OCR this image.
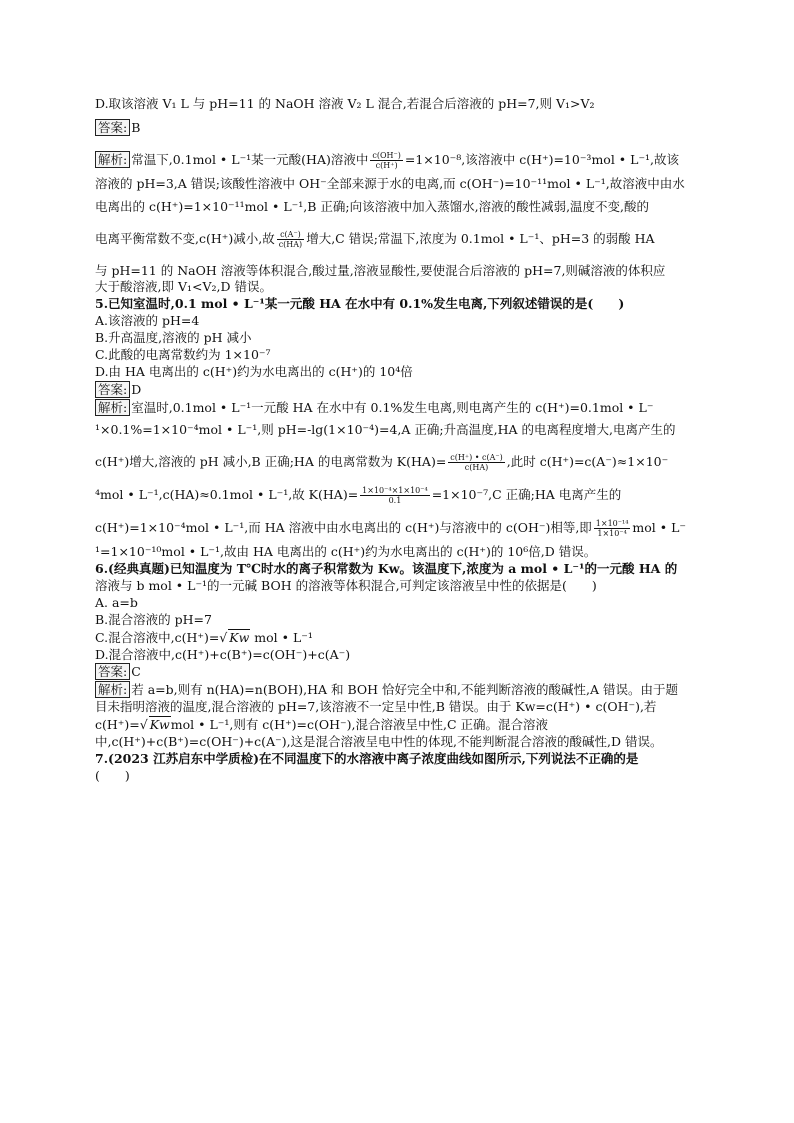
D.取该溶液 V₁ L 与 pH=11 的 NaOH 溶液 V₂ L 混合,若混合后溶液的 pH=7,则 V₁>V₂

答案: B

解析: 常温下,0.1mol • L⁻¹某一元酸(HA)溶液中 $\frac{c(OH^-)}{c(H^+)} =1\times 10^{-8}$,该溶液中 c(H⁺)=10⁻³mol • L⁻¹,故该

溶液的 pH=3,A 错误;该酸性溶液中 OH⁻全部来源于水的电离,而 c(OH⁻)=10⁻¹¹mol • L⁻¹,故溶液中由水

电离出的 c(H⁺)=1×10⁻¹¹mol • L⁻¹,B 正确;向该溶液中加入蒸馏水,溶液的酸性减弱,温度不变,酸的

电离平衡常数不变,c(H⁺)减小,故 $\frac{c(A^-)}{c(HA)}$ 增大,C 错误;常温下,浓度为 0.1mol • L⁻¹、pH=3 的弱酸 HA

与 pH=11 的 NaOH 溶液等体积混合,酸过量,溶液显酸性,要使混合后溶液的 pH=7,则碱溶液的体积应

大于酸溶液,即 V₁<V₂,D 错误。

5.已知室温时,0.1 mol • L⁻¹某一元酸 HA 在水中有 0.1%发生电离,下列叙述错误的是(　　)

A.该溶液的 pH=4

B.升高温度,溶液的 pH 减小

C.此酸的电离常数约为 1×10⁻⁷

D.由 HA 电离出的 c(H⁺)约为水电离出的 c(H⁺)的 10⁴倍

答案: D

解析: 室温时,0.1mol • L⁻¹一元酸 HA 在水中有 0.1%发生电离,则电离产生的 c(H⁺)=0.1mol • L⁻

¹×0.1%=1×10⁻⁴mol • L⁻¹,则 pH=-lg(1×10⁻⁴)=4,A 正确;升高温度,HA 的电离程度增大,电离产生的

c(H⁺)增大,溶液的 pH 减小,B 正确;HA 的电离常数为 $K(HA)= \frac{c(H^+) • c(A^-)}{c(HA)}$ ,此时 c(H⁺)=c(A⁻)≈1×10⁻

⁴mol • L⁻¹,c(HA)≈0.1mol • L⁻¹,故 $K(HA)= \frac{\text{1×10⁻⁴×1×10⁻⁴}}{0.1} =1\times 10^{-7},C$ 正确;HA 电离产生的

c(H⁺)=1×10⁻⁴mol • L⁻¹,而 HA 溶液中由水电离出的 c(H⁺)与溶液中的 c(OH⁻)相等,即 $\frac{\text{1×10⁻¹⁴}}{\text{1×10⁻⁴}}$ mol • L⁻

¹=1×10⁻¹⁰mol • L⁻¹,故由 HA 电离出的 c(H⁺)约为水电离出的 c(H⁺)的 10⁶倍,D 错误。

6.(经典真题)已知温度为 T℃时水的离子积常数为 Kw。该温度下,浓度为 a mol • L⁻¹的一元酸 HA 的

溶液与 b mol • L⁻¹的一元碱 BOH 的溶液等体积混合,可判定该溶液呈中性的依据是(　　)

A. a=b

B.混合溶液的 pH=7

C.混合溶液中,c(H⁺)=√ Kw mol • L⁻¹

D.混合溶液中,c(H⁺)+c(B⁺)=c(OH⁻)+c(A⁻)

答案: C

解析: 若 a=b,则有 n(HA)=n(BOH),HA 和 BOH 恰好完全中和,不能判断溶液的酸碱性,A 错误。由于题

目未指明溶液的温度,混合溶液的 pH=7,该溶液不一定呈中性,B 错误。由于 Kw=c(H⁺) • c(OH⁻),若

c(H⁺)=√ Kwmol • L⁻¹,则有 c(H⁺)=c(OH⁻),混合溶液呈中性,C 正确。混合溶液

中,c(H⁺)+c(B⁺)=c(OH⁻)+c(A⁻),这是混合溶液呈电中性的体现,不能判断混合溶液的酸碱性,D 错误。

7.(2023 江苏启东中学质检)在不同温度下的水溶液中离子浓度曲线如图所示,下列说法不正确的是

(　　)
